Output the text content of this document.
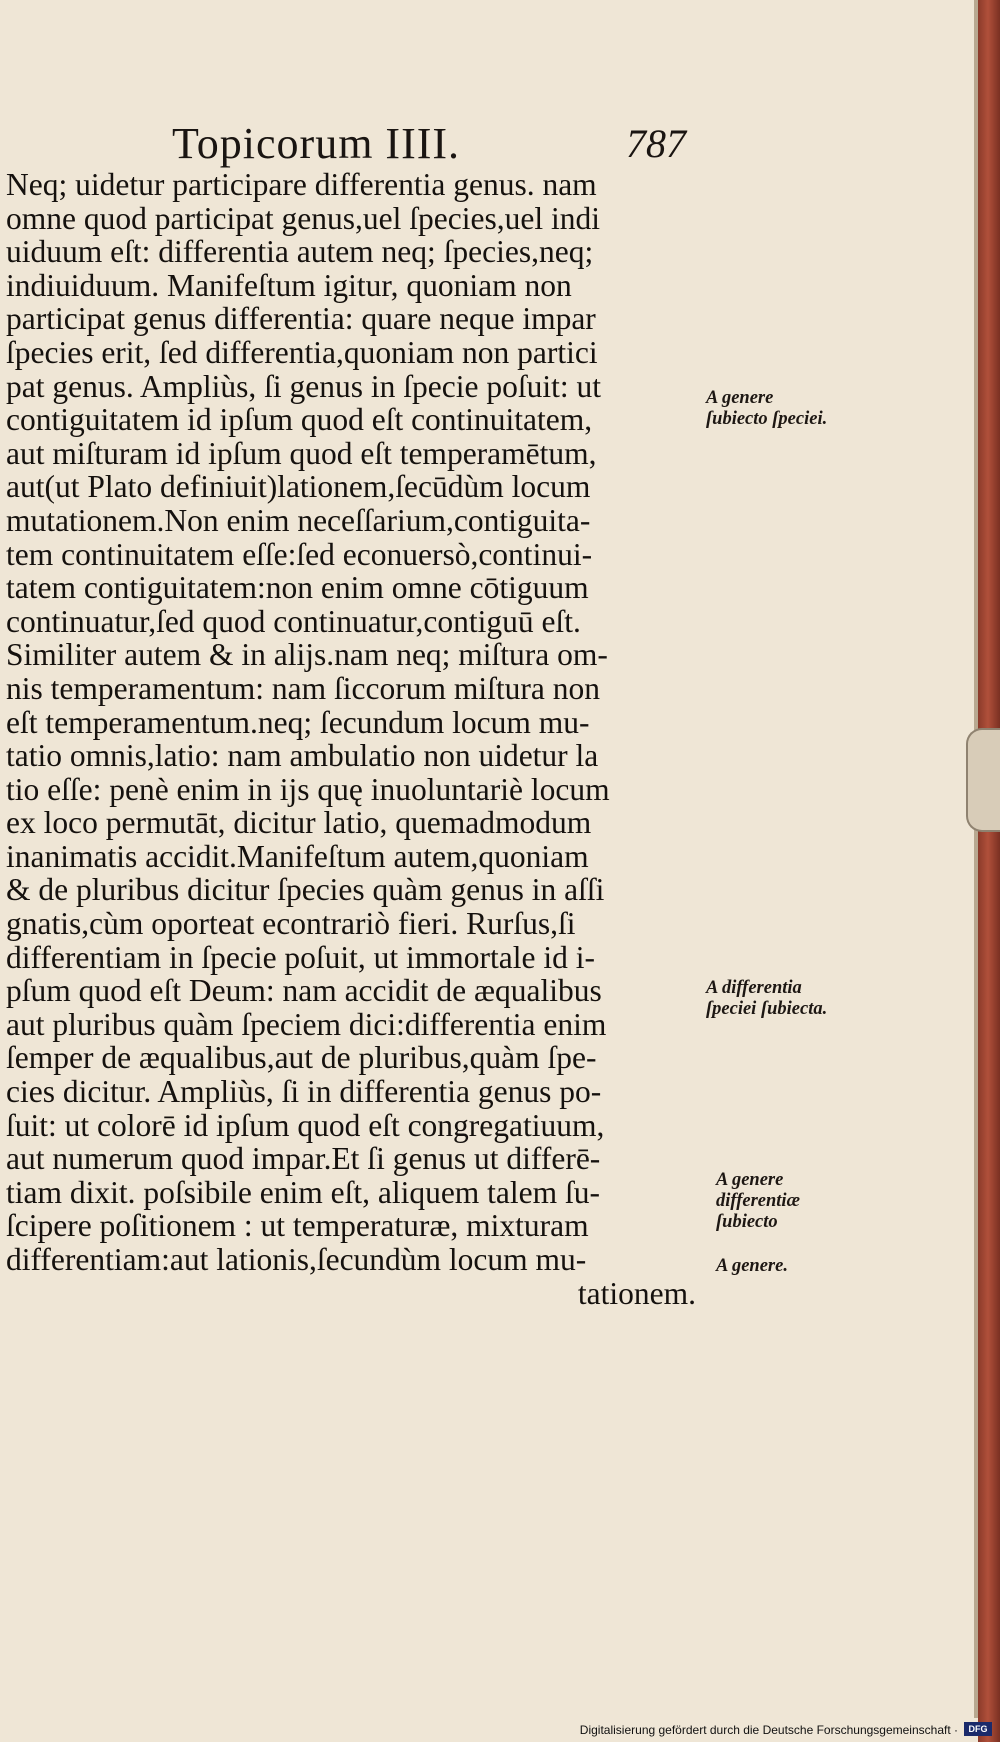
Topicorum IIII.	787
Neq; uidetur participare differentia genus. nam
omne quod participat genus,uel ſpecies,uel indi
uiduum eſt: differentia autem neq; ſpecies,neq;
indiuiduum. Manifeſtum igitur, quoniam non
participat genus differentia: quare neque impar
ſpecies erit, ſed differentia,quoniam non partici
pat genus. Ampliùs, ſi genus in ſpecie poſuit: ut
contiguitatem id ipſum quod eſt continuitatem,
aut miſturam id ipſum quod eſt temperamētum,
aut(ut Plato definiuit)lationem,ſecūdùm locum
mutationem.Non enim neceſſarium,contiguita-
tem continuitatem eſſe:ſed econuersò,continui-
tatem contiguitatem:non enim omne cōtiguum
continuatur,ſed quod continuatur,contiguū eſt.
Similiter autem & in alijs.nam neq; miſtura om-
nis temperamentum: nam ſiccorum miſtura non
eſt temperamentum.neq; ſecundum locum mu-
tatio omnis,latio: nam ambulatio non uidetur la
tio eſſe: penè enim in ijs quę inuoluntariè locum
ex loco permutāt, dicitur latio, quemadmodum
inanimatis accidit.Manifeſtum autem,quoniam
& de pluribus dicitur ſpecies quàm genus in aſſi
gnatis,cùm oporteat econtrariò fieri. Rurſus,ſi
differentiam in ſpecie poſuit, ut immortale id i-
pſum quod eſt Deum: nam accidit de æqualibus
aut pluribus quàm ſpeciem dici:differentia enim
ſemper de æqualibus,aut de pluribus,quàm ſpe-
cies dicitur. Ampliùs, ſi in differentia genus po-
ſuit: ut colorē id ipſum quod eſt congregatiuum,
aut numerum quod impar.Et ſi genus ut differē-
tiam dixit. poſsibile enim eſt, aliquem talem ſu-
ſcipere poſitionem : ut temperaturæ, mixturam
differentiam:aut lationis,ſecundùm locum mu-
tationem.
A genere ſubiecto ſpeciei.
A differentia ſpeciei ſubiecta.
A genere differentiæ ſubiecto
A genere.
Digitalisierung gefördert durch die Deutsche Forschungsgemeinschaft ·	DFG
